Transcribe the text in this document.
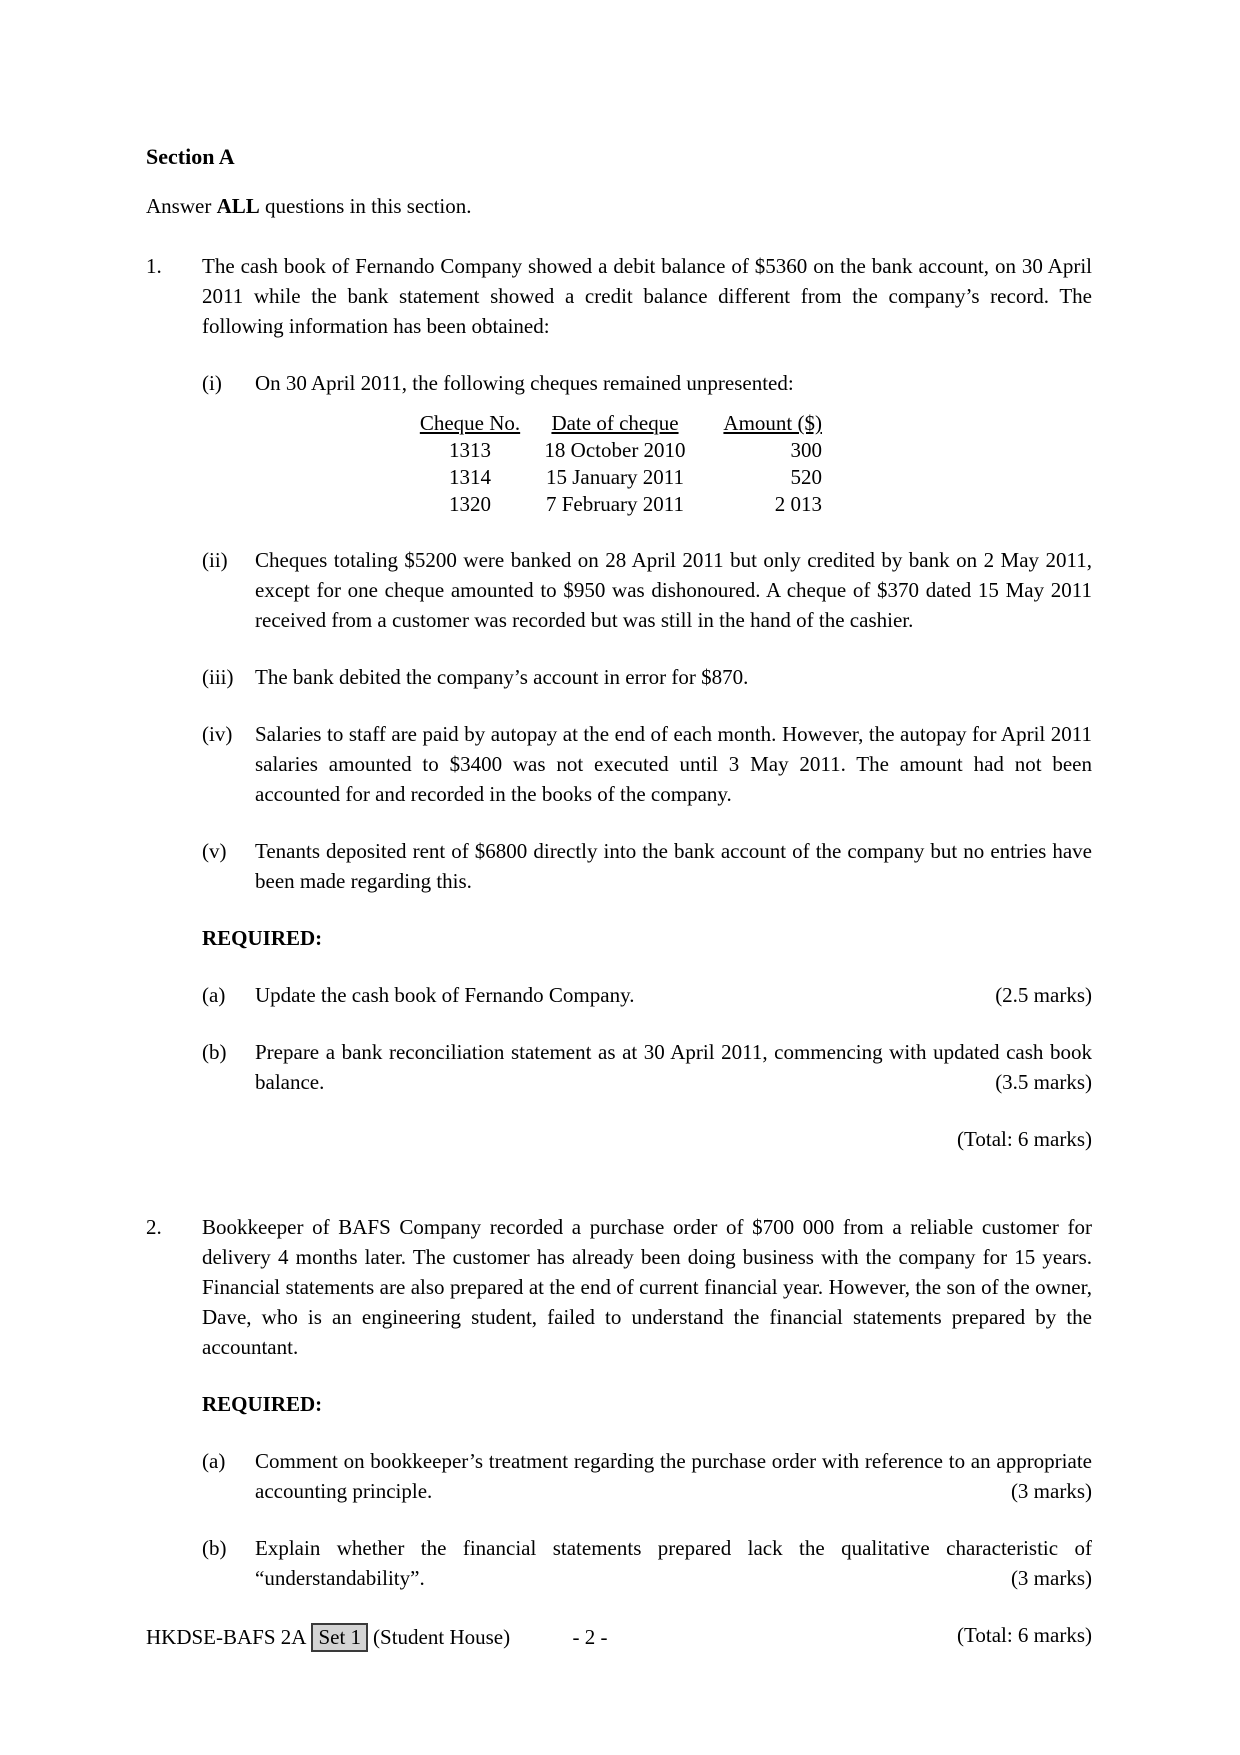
Section A

Answer ALL questions in this section.

1.	The cash book of Fernando Company showed a debit balance of $5360 on the bank account, on 30 April 2011 while the bank statement showed a credit balance different from the company’s record. The following information has been obtained:

(i)	On 30 April 2011, the following cheques remained unpresented:
Cheque No.	Date of cheque	Amount ($)
1313	18 October 2010	300
1314	15 January 2011	520
1320	7 February 2011	2 013
(ii)	Cheques totaling $5200 were banked on 28 April 2011 but only credited by bank on 2 May 2011, except for one cheque amounted to $950 was dishonoured. A cheque of $370 dated 15 May 2011 received from a customer was recorded but was still in the hand of the cashier.
(iii)	The bank debited the company’s account in error for $870.
(iv)	Salaries to staff are paid by autopay at the end of each month. However, the autopay for April 2011 salaries amounted to $3400 was not executed until 3 May 2011. The amount had not been accounted for and recorded in the books of the company.
(v)	Tenants deposited rent of $6800 directly into the bank account of the company but no entries have been made regarding this.

REQUIRED:

(a)	Update the cash book of Fernando Company.	(2.5 marks)
(b)	Prepare a bank reconciliation statement as at 30 April 2011, commencing with updated cash book balance.	(3.5 marks)

(Total: 6 marks)

2.	Bookkeeper of BAFS Company recorded a purchase order of $700 000 from a reliable customer for delivery 4 months later. The customer has already been doing business with the company for 15 years. Financial statements are also prepared at the end of current financial year. However, the son of the owner, Dave, who is an engineering student, failed to understand the financial statements prepared by the accountant.

REQUIRED:

(a)	Comment on bookkeeper’s treatment regarding the purchase order with reference to an appropriate accounting principle.	(3 marks)
(b)	Explain whether the financial statements prepared lack the qualitative characteristic of “understandability”.	(3 marks)

(Total: 6 marks)

HKDSE-BAFS 2A Set 1 (Student House)	- 2 -
